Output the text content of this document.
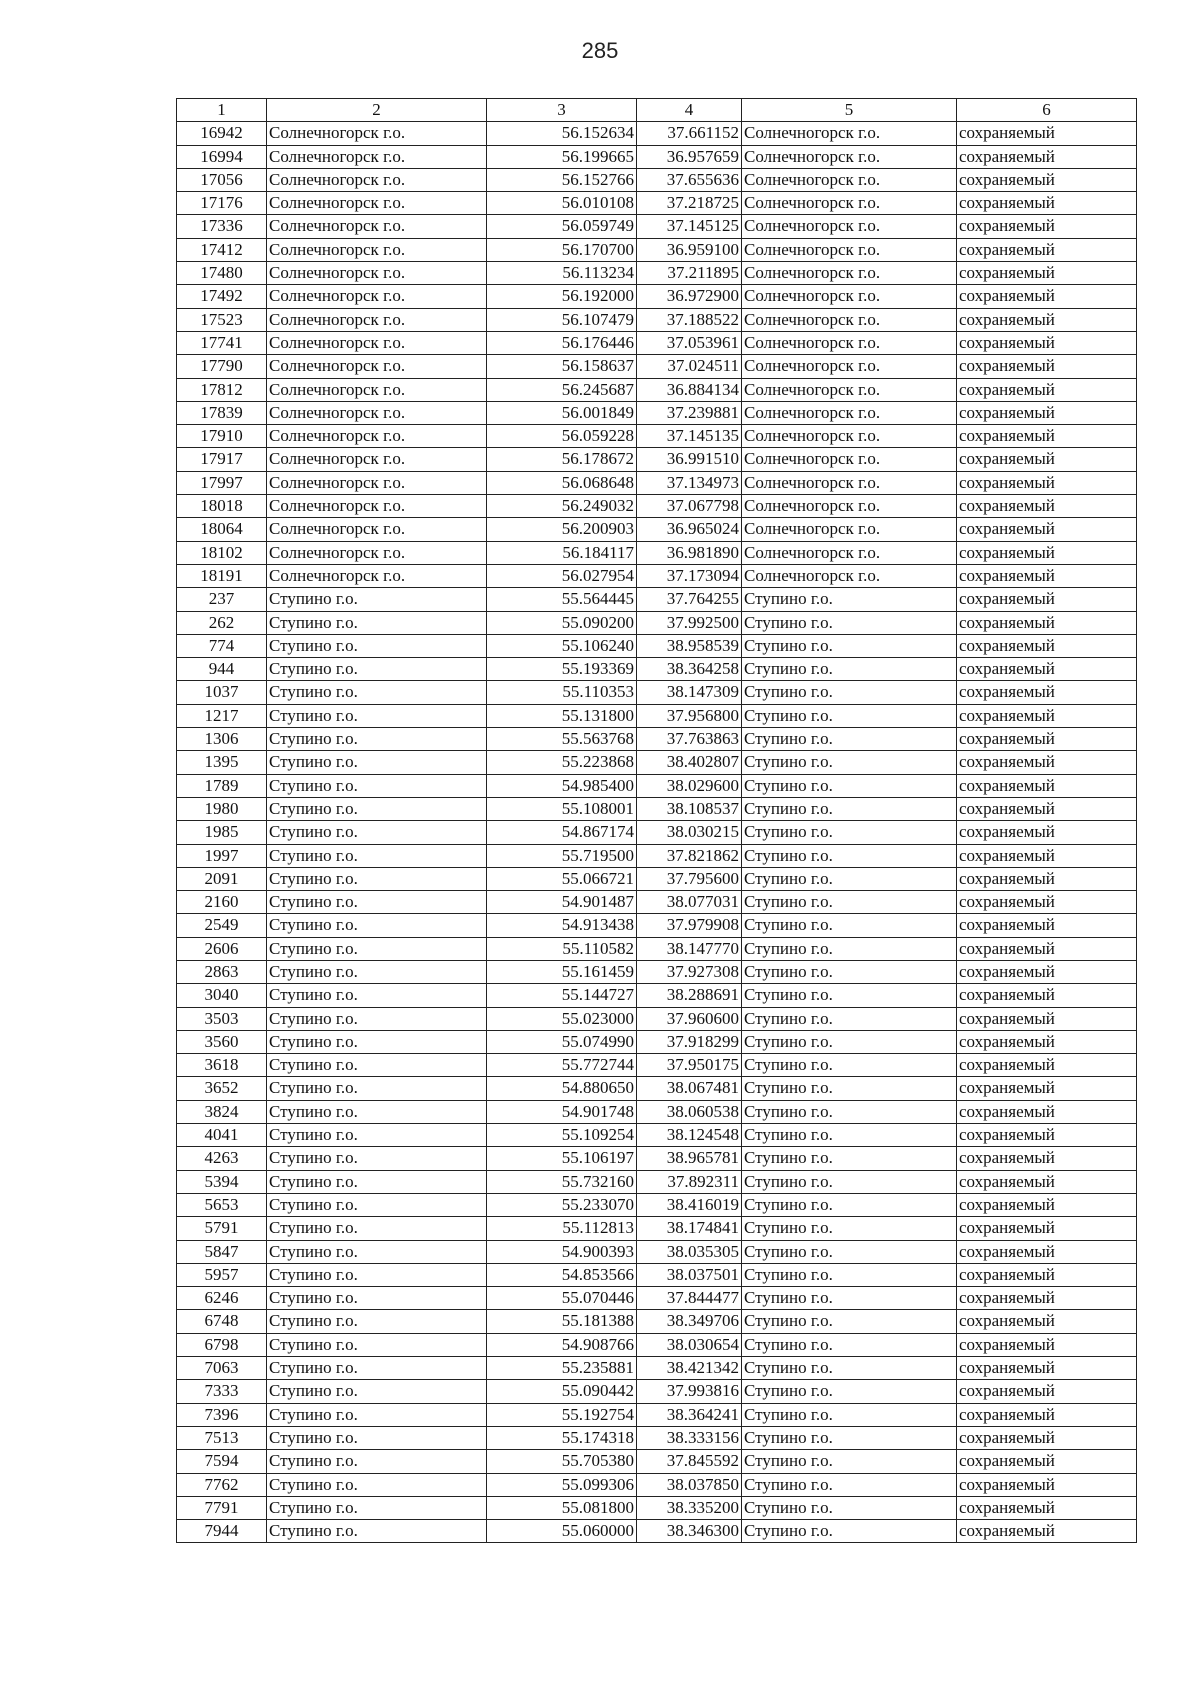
285
1	2	3	4	5	6
16942	Солнечногорск г.о.	56.152634	37.661152	Солнечногорск г.о.	сохраняемый
16994	Солнечногорск г.о.	56.199665	36.957659	Солнечногорск г.о.	сохраняемый
17056	Солнечногорск г.о.	56.152766	37.655636	Солнечногорск г.о.	сохраняемый
17176	Солнечногорск г.о.	56.010108	37.218725	Солнечногорск г.о.	сохраняемый
17336	Солнечногорск г.о.	56.059749	37.145125	Солнечногорск г.о.	сохраняемый
17412	Солнечногорск г.о.	56.170700	36.959100	Солнечногорск г.о.	сохраняемый
17480	Солнечногорск г.о.	56.113234	37.211895	Солнечногорск г.о.	сохраняемый
17492	Солнечногорск г.о.	56.192000	36.972900	Солнечногорск г.о.	сохраняемый
17523	Солнечногорск г.о.	56.107479	37.188522	Солнечногорск г.о.	сохраняемый
17741	Солнечногорск г.о.	56.176446	37.053961	Солнечногорск г.о.	сохраняемый
17790	Солнечногорск г.о.	56.158637	37.024511	Солнечногорск г.о.	сохраняемый
17812	Солнечногорск г.о.	56.245687	36.884134	Солнечногорск г.о.	сохраняемый
17839	Солнечногорск г.о.	56.001849	37.239881	Солнечногорск г.о.	сохраняемый
17910	Солнечногорск г.о.	56.059228	37.145135	Солнечногорск г.о.	сохраняемый
17917	Солнечногорск г.о.	56.178672	36.991510	Солнечногорск г.о.	сохраняемый
17997	Солнечногорск г.о.	56.068648	37.134973	Солнечногорск г.о.	сохраняемый
18018	Солнечногорск г.о.	56.249032	37.067798	Солнечногорск г.о.	сохраняемый
18064	Солнечногорск г.о.	56.200903	36.965024	Солнечногорск г.о.	сохраняемый
18102	Солнечногорск г.о.	56.184117	36.981890	Солнечногорск г.о.	сохраняемый
18191	Солнечногорск г.о.	56.027954	37.173094	Солнечногорск г.о.	сохраняемый
237	Ступино г.о.	55.564445	37.764255	Ступино г.о.	сохраняемый
262	Ступино г.о.	55.090200	37.992500	Ступино г.о.	сохраняемый
774	Ступино г.о.	55.106240	38.958539	Ступино г.о.	сохраняемый
944	Ступино г.о.	55.193369	38.364258	Ступино г.о.	сохраняемый
1037	Ступино г.о.	55.110353	38.147309	Ступино г.о.	сохраняемый
1217	Ступино г.о.	55.131800	37.956800	Ступино г.о.	сохраняемый
1306	Ступино г.о.	55.563768	37.763863	Ступино г.о.	сохраняемый
1395	Ступино г.о.	55.223868	38.402807	Ступино г.о.	сохраняемый
1789	Ступино г.о.	54.985400	38.029600	Ступино г.о.	сохраняемый
1980	Ступино г.о.	55.108001	38.108537	Ступино г.о.	сохраняемый
1985	Ступино г.о.	54.867174	38.030215	Ступино г.о.	сохраняемый
1997	Ступино г.о.	55.719500	37.821862	Ступино г.о.	сохраняемый
2091	Ступино г.о.	55.066721	37.795600	Ступино г.о.	сохраняемый
2160	Ступино г.о.	54.901487	38.077031	Ступино г.о.	сохраняемый
2549	Ступино г.о.	54.913438	37.979908	Ступино г.о.	сохраняемый
2606	Ступино г.о.	55.110582	38.147770	Ступино г.о.	сохраняемый
2863	Ступино г.о.	55.161459	37.927308	Ступино г.о.	сохраняемый
3040	Ступино г.о.	55.144727	38.288691	Ступино г.о.	сохраняемый
3503	Ступино г.о.	55.023000	37.960600	Ступино г.о.	сохраняемый
3560	Ступино г.о.	55.074990	37.918299	Ступино г.о.	сохраняемый
3618	Ступино г.о.	55.772744	37.950175	Ступино г.о.	сохраняемый
3652	Ступино г.о.	54.880650	38.067481	Ступино г.о.	сохраняемый
3824	Ступино г.о.	54.901748	38.060538	Ступино г.о.	сохраняемый
4041	Ступино г.о.	55.109254	38.124548	Ступино г.о.	сохраняемый
4263	Ступино г.о.	55.106197	38.965781	Ступино г.о.	сохраняемый
5394	Ступино г.о.	55.732160	37.892311	Ступино г.о.	сохраняемый
5653	Ступино г.о.	55.233070	38.416019	Ступино г.о.	сохраняемый
5791	Ступино г.о.	55.112813	38.174841	Ступино г.о.	сохраняемый
5847	Ступино г.о.	54.900393	38.035305	Ступино г.о.	сохраняемый
5957	Ступино г.о.	54.853566	38.037501	Ступино г.о.	сохраняемый
6246	Ступино г.о.	55.070446	37.844477	Ступино г.о.	сохраняемый
6748	Ступино г.о.	55.181388	38.349706	Ступино г.о.	сохраняемый
6798	Ступино г.о.	54.908766	38.030654	Ступино г.о.	сохраняемый
7063	Ступино г.о.	55.235881	38.421342	Ступино г.о.	сохраняемый
7333	Ступино г.о.	55.090442	37.993816	Ступино г.о.	сохраняемый
7396	Ступино г.о.	55.192754	38.364241	Ступино г.о.	сохраняемый
7513	Ступино г.о.	55.174318	38.333156	Ступино г.о.	сохраняемый
7594	Ступино г.о.	55.705380	37.845592	Ступино г.о.	сохраняемый
7762	Ступино г.о.	55.099306	38.037850	Ступино г.о.	сохраняемый
7791	Ступино г.о.	55.081800	38.335200	Ступино г.о.	сохраняемый
7944	Ступино г.о.	55.060000	38.346300	Ступино г.о.	сохраняемый
